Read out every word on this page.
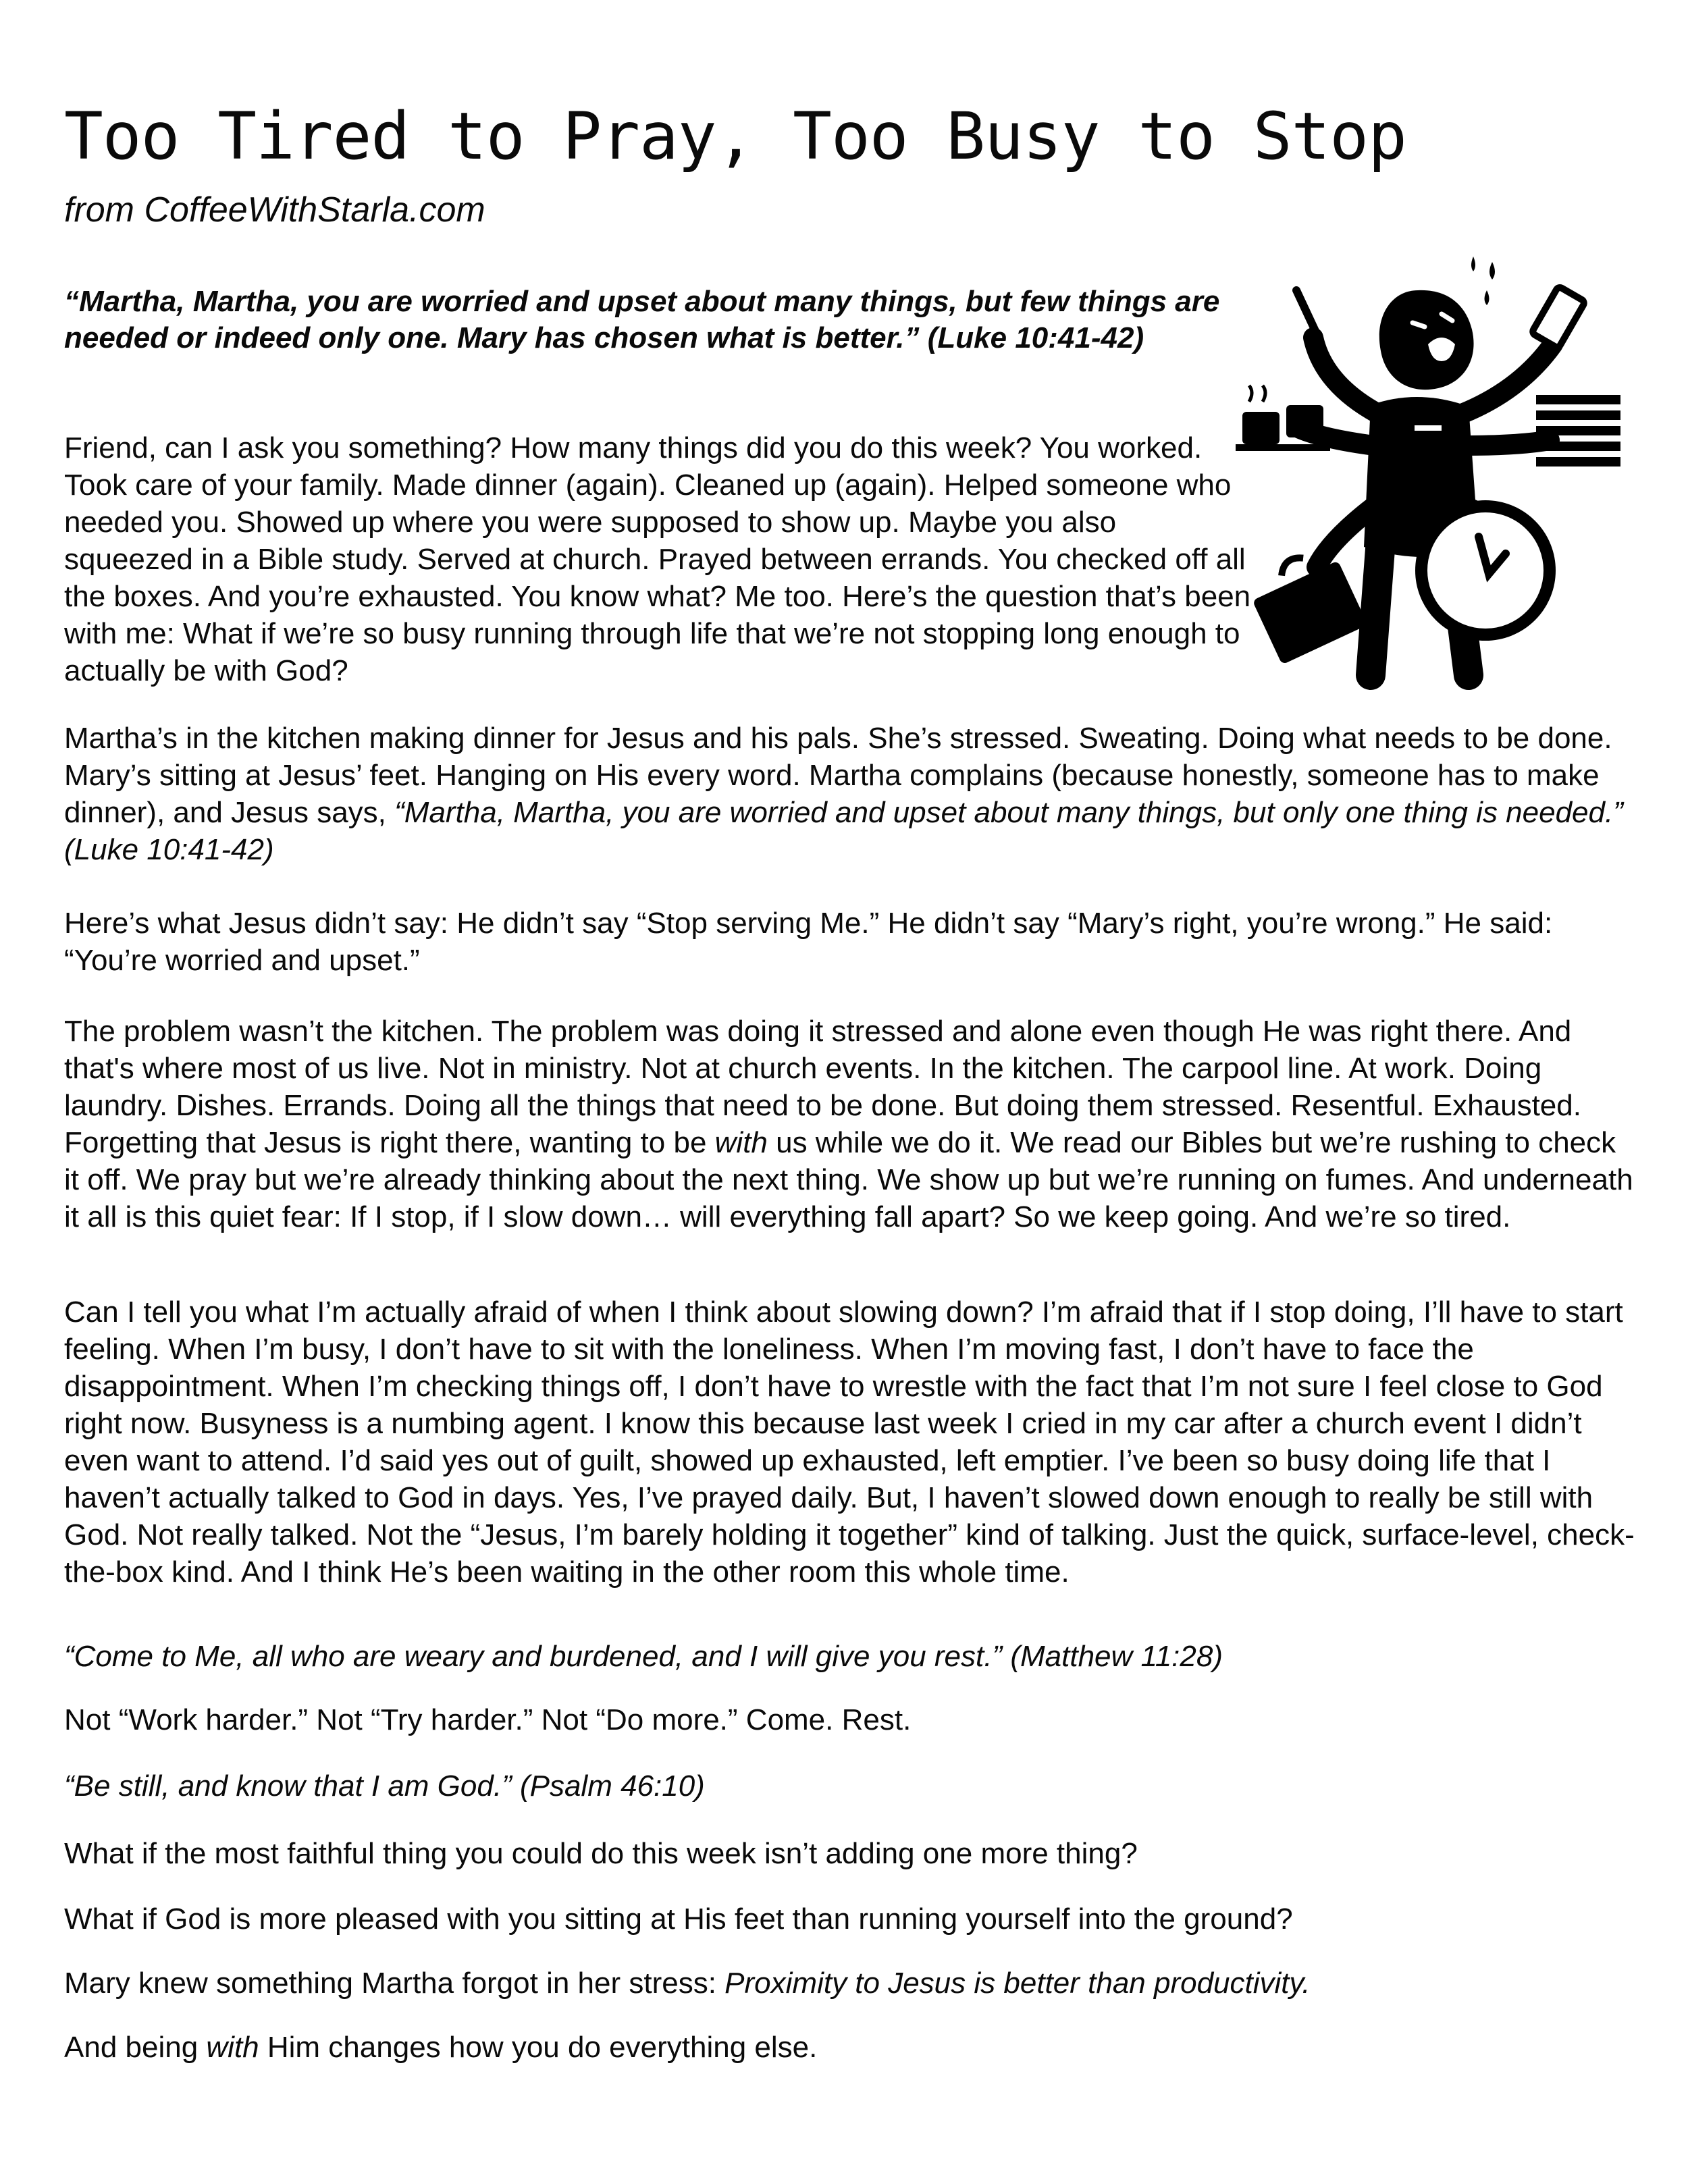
Too Tired to Pray, Too Busy to Stop

from CoffeeWithStarla.com

“Martha, Martha, you are worried and upset about many things, but few things are needed or indeed only one. Mary has chosen what is better.” (Luke 10:41-42)

Friend, can I ask you something? How many things did you do this week? You worked. Took care of your family. Made dinner (again). Cleaned up (again). Helped someone who needed you. Showed up where you were supposed to show up. Maybe you also squeezed in a Bible study. Served at church. Prayed between errands. You checked off all the boxes. And you’re exhausted. You know what? Me too. Here’s the question that’s been with me: What if we’re so busy running through life that we’re not stopping long enough to actually be with God?

Martha’s in the kitchen making dinner for Jesus and his pals. She’s stressed. Sweating. Doing what needs to be done. Mary’s sitting at Jesus’ feet. Hanging on His every word. Martha complains (because honestly, someone has to make dinner), and Jesus says, “Martha, Martha, you are worried and upset about many things, but only one thing is needed.” (Luke 10:41-42)

Here’s what Jesus didn’t say: He didn’t say “Stop serving Me.” He didn’t say “Mary’s right, you’re wrong.” He said: “You’re worried and upset.”

The problem wasn’t the kitchen. The problem was doing it stressed and alone even though He was right there. And that's where most of us live. Not in ministry. Not at church events. In the kitchen. The carpool line. At work. Doing laundry. Dishes. Errands. Doing all the things that need to be done. But doing them stressed. Resentful. Exhausted. Forgetting that Jesus is right there, wanting to be with us while we do it. We read our Bibles but we’re rushing to check it off. We pray but we’re already thinking about the next thing. We show up but we’re running on fumes. And underneath it all is this quiet fear: If I stop, if I slow down… will everything fall apart? So we keep going. And we’re so tired.

Can I tell you what I’m actually afraid of when I think about slowing down? I’m afraid that if I stop doing, I’ll have to start feeling. When I’m busy, I don’t have to sit with the loneliness. When I’m moving fast, I don’t have to face the disappointment. When I’m checking things off, I don’t have to wrestle with the fact that I’m not sure I feel close to God right now. Busyness is a numbing agent. I know this because last week I cried in my car after a church event I didn’t even want to attend. I’d said yes out of guilt, showed up exhausted, left emptier. I’ve been so busy doing life that I haven’t actually talked to God in days. Yes, I’ve prayed daily. But, I haven’t slowed down enough to really be still with God. Not really talked. Not the “Jesus, I’m barely holding it together” kind of talking. Just the quick, surface-level, check-the-box kind. And I think He’s been waiting in the other room this whole time.

“Come to Me, all who are weary and burdened, and I will give you rest.” (Matthew 11:28)

Not “Work harder.” Not “Try harder.” Not “Do more.” Come. Rest.

“Be still, and know that I am God.” (Psalm 46:10)

What if the most faithful thing you could do this week isn’t adding one more thing?

What if God is more pleased with you sitting at His feet than running yourself into the ground?

Mary knew something Martha forgot in her stress: Proximity to Jesus is better than productivity.

And being with Him changes how you do everything else.
